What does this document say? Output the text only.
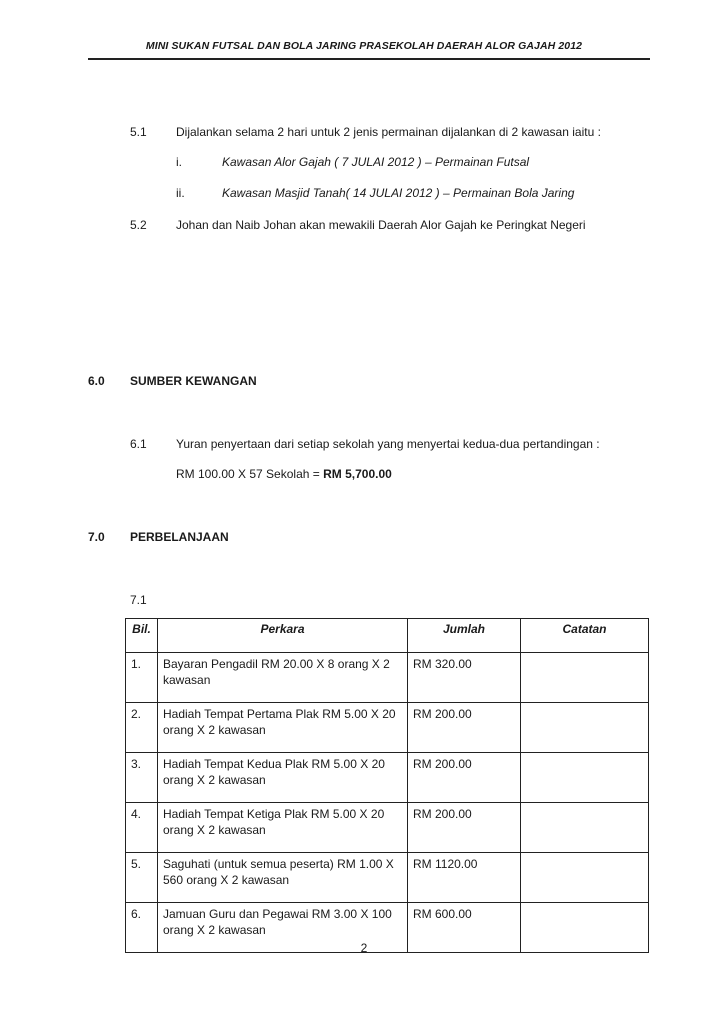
MINI SUKAN FUTSAL DAN BOLA JARING PRASEKOLAH DAERAH ALOR GAJAH 2012
5.1 Dijalankan selama 2 hari untuk 2 jenis permainan dijalankan di 2 kawasan iaitu :
i.	Kawasan Alor Gajah ( 7 JULAI 2012 ) – Permainan Futsal
ii.	Kawasan Masjid Tanah( 14 JULAI 2012 ) – Permainan Bola Jaring
5.2 Johan dan Naib Johan akan mewakili Daerah Alor Gajah ke Peringkat Negeri
6.0 SUMBER KEWANGAN
6.1 Yuran penyertaan dari setiap sekolah yang menyertai kedua-dua pertandingan :
RM 100.00 X 57 Sekolah = RM 5,700.00
7.0 PERBELANJAAN
7.1
Bil.	Perkara	Jumlah	Catatan
1.	Bayaran Pengadil RM 20.00 X 8 orang X 2 kawasan	RM 320.00	
2.	Hadiah Tempat Pertama Plak RM 5.00 X 20 orang X 2 kawasan	RM 200.00	
3.	Hadiah Tempat Kedua Plak RM 5.00 X 20 orang X 2 kawasan	RM 200.00	
4.	Hadiah Tempat Ketiga Plak RM 5.00 X 20 orang X 2 kawasan	RM 200.00	
5.	Saguhati (untuk semua peserta) RM 1.00 X 560 orang X 2 kawasan	RM 1120.00	
6.	Jamuan Guru dan Pegawai RM 3.00 X 100 orang X 2 kawasan	RM 600.00	
2
